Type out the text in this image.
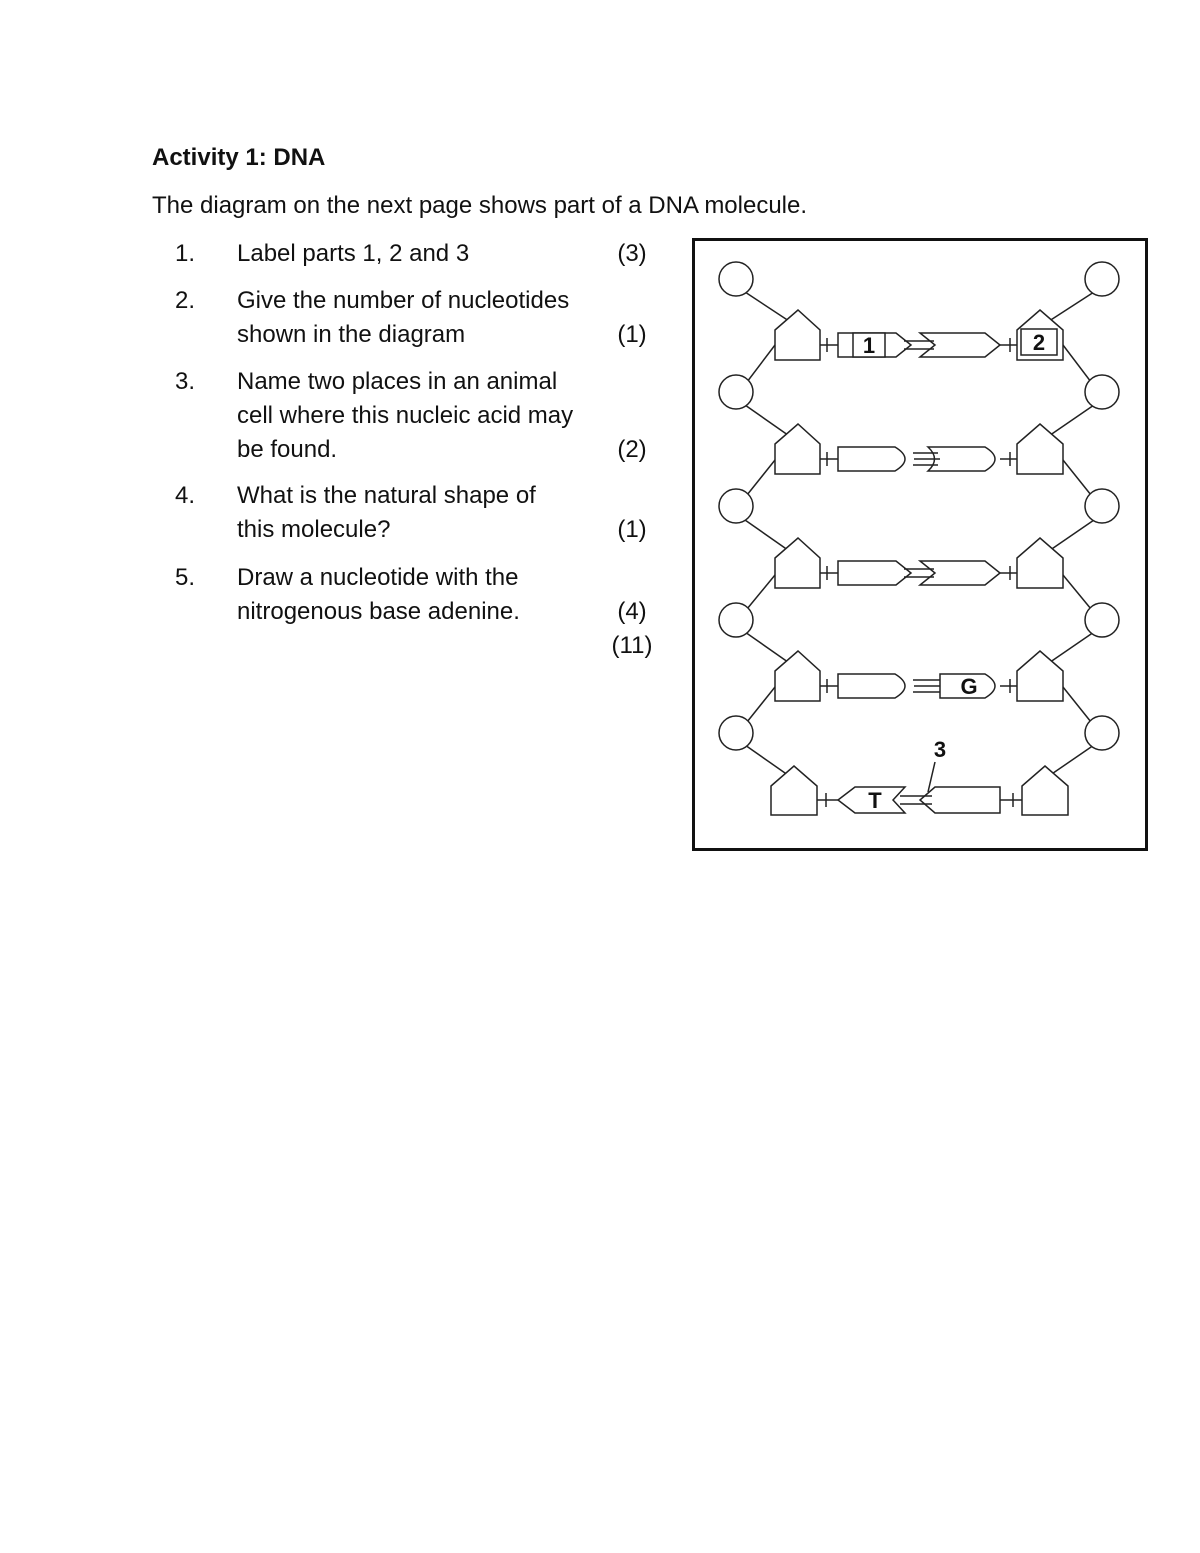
Activity 1: DNA
The diagram on the next page shows part of a DNA molecule.
1. Label parts 1, 2 and 3	(3)
2. Give the number of nucleotides
shown in the diagram	(1)
3. Name two places in an animal
cell where this nucleic acid may
be found.	(2)
4. What is the natural shape of
this molecule?	(1)
5. Draw a nucleotide with the
nitrogenous base adenine.	(4)
(11)
1	2
3
G
T
